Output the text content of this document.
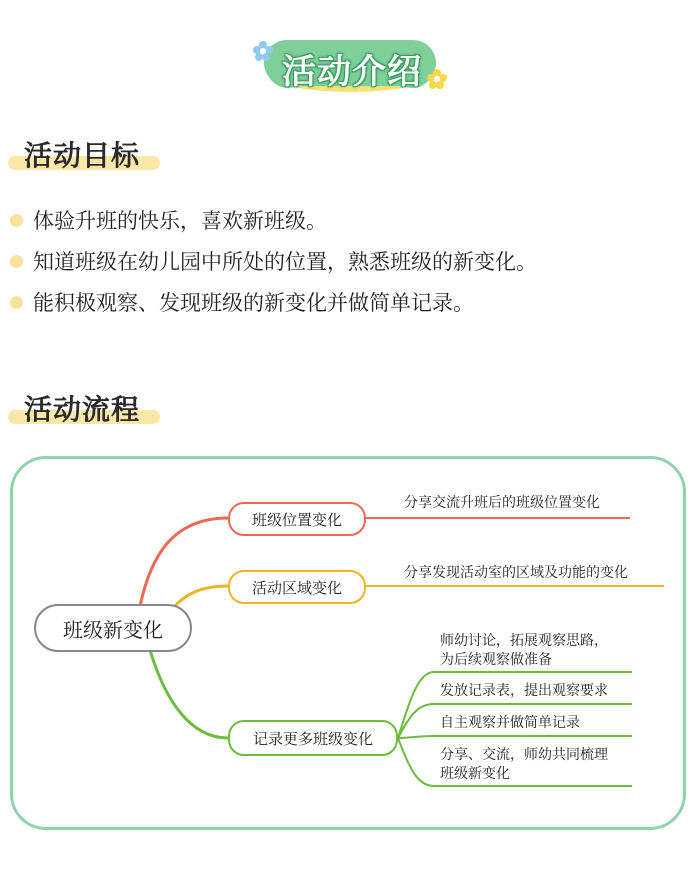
活动介绍
活动目标
体验升班的快乐，喜欢新班级。
知道班级在幼儿园中所处的位置，熟悉班级的新变化。
能积极观察、发现班级的新变化并做简单记录。
活动流程
班级新变化
班级位置变化
活动区域变化
记录更多班级变化
分享交流升班后的班级位置变化
分享发现活动室的区域及功能的变化
师幼讨论，拓展观察思路，
为后续观察做准备
发放记录表，提出观察要求
自主观察并做简单记录
分享、交流，师幼共同梳理
班级新变化
